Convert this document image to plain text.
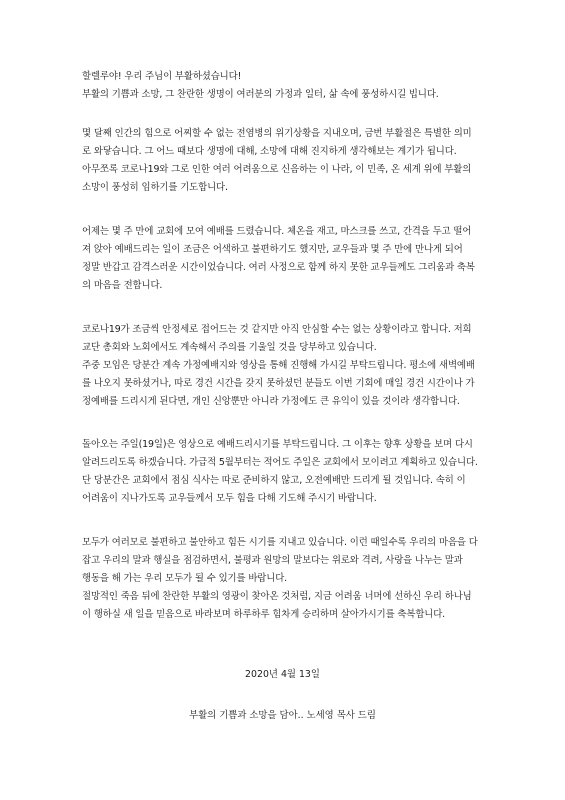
할렐루야! 우리 주님이 부활하셨습니다!
부활의 기쁨과 소망, 그 찬란한 생명이 여러분의 가정과 일터, 삶 속에 풍성하시길 빕니다.
몇 달째 인간의 힘으로 어찌할 수 없는 전염병의 위기상황을 지내오며, 금번 부활절은 특별한 의미
로 와닿습니다. 그 어느 때보다 생명에 대해, 소망에 대해 진지하게 생각해보는 계기가 됩니다.
아무쪼록 코로나19와 그로 인한 여러 어려움으로 신음하는 이 나라, 이 민족, 온 세계 위에 부활의
소망이 풍성히 임하기를 기도합니다.
어제는 몇 주 만에 교회에 모여 예배를 드렸습니다. 체온을 재고, 마스크를 쓰고, 간격을 두고 떨어
져 앉아 예배드리는 일이 조금은 어색하고 불편하기도 했지만, 교우들과 몇 주 만에 만나게 되어
정말 반갑고 감격스러운 시간이었습니다. 여러 사정으로 함께 하지 못한 교우들께도 그리움과 축복
의 마음을 전합니다.
코로나19가 조금씩 안정세로 접어드는 것 같지만 아직 안심할 수는 없는 상황이라고 합니다. 저희
교단 총회와 노회에서도 계속해서 주의를 기울일 것을 당부하고 있습니다.
주중 모임은 당분간 계속 가정예배지와 영상을 통해 진행해 가시길 부탁드립니다. 평소에 새벽예배
를 나오지 못하셨거나, 따로 경건 시간을 갖지 못하셨던 분들도 이번 기회에 매일 경건 시간이나 가
정예배를 드리시게 된다면, 개인 신앙뿐만 아니라 가정에도 큰 유익이 있을 것이라 생각합니다.
돌아오는 주일(19일)은 영상으로 예배드리시기를 부탁드립니다. 그 이후는 향후 상황을 보며 다시
알려드리도록 하겠습니다. 가급적 5월부터는 적어도 주일은 교회에서 모이려고 계획하고 있습니다.
단 당분간은 교회에서 점심 식사는 따로 준비하지 않고, 오전예배만 드리게 될 것입니다. 속히 이
어려움이 지나가도록 교우들께서 모두 힘을 다해 기도해 주시기 바랍니다.
모두가 여러모로 불편하고 불안하고 힘든 시기를 지내고 있습니다. 이런 때일수록 우리의 마음을 다
잡고 우리의 말과 행실을 점검하면서, 불평과 원망의 말보다는 위로와 격려, 사랑을 나누는 말과
행동을 해 가는 우리 모두가 될 수 있기를 바랍니다.
절망적인 죽음 뒤에 찬란한 부활의 영광이 찾아온 것처럼, 지금 어려움 너머에 선하신 우리 하나님
이 행하실 새 일을 믿음으로 바라보며 하루하루 힘차게 승리하며 살아가시기를 축복합니다.
2020년 4월 13일
부활의 기쁨과 소망을 담아.. 노세영 목사 드림
